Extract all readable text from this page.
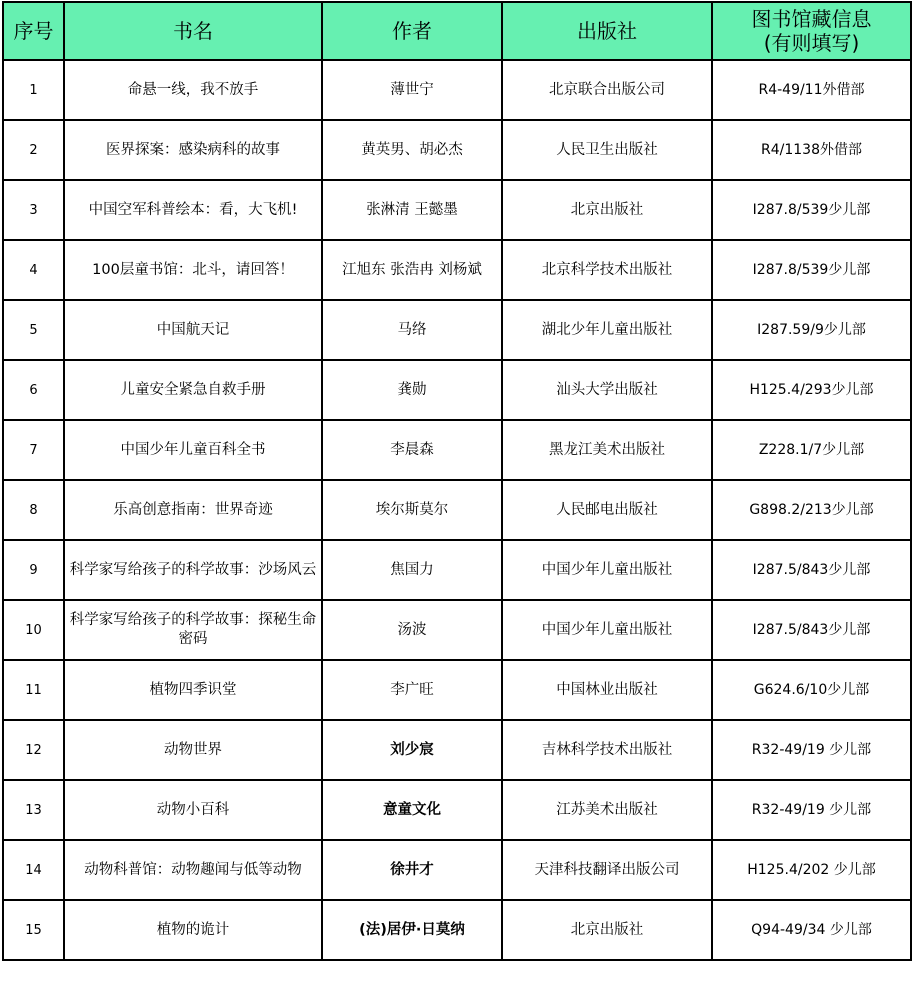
序号	书名	作者	出版社	图书馆藏信息
(有则填写)

1	命悬一线，我不放手	薄世宁	北京联合出版公司	R4-49/11外借部
2	医界探案：感染病科的故事	黄英男、胡必杰	人民卫生出版社	R4/1138外借部
3	中国空军科普绘本：看，大飞机!	张淋清 王懿墨	北京出版社	I287.8/539少儿部
4	100层童书馆：北斗，请回答！	江旭东 张浩冉 刘杨斌	北京科学技术出版社	I287.8/539少儿部
5	中国航天记	马络	湖北少年儿童出版社	I287.59/9少儿部
6	儿童安全紧急自救手册	龚勋	汕头大学出版社	H125.4/293少儿部
7	中国少年儿童百科全书	李晨森	黑龙江美术出版社	Z228.1/7少儿部
8	乐高创意指南：世界奇迹	埃尔斯莫尔	人民邮电出版社	G898.2/213少儿部
9	科学家写给孩子的科学故事：沙场风云	焦国力	中国少年儿童出版社	I287.5/843少儿部
10	科学家写给孩子的科学故事：探秘生命密码	汤波	中国少年儿童出版社	I287.5/843少儿部
11	植物四季识堂	李广旺	中国林业出版社	G624.6/10少儿部
12	动物世界	刘少宸	吉林科学技术出版社	R32-49/19 少儿部
13	动物小百科	意童文化	江苏美术出版社	R32-49/19 少儿部
14	动物科普馆：动物趣闻与低等动物	徐井才	天津科技翻译出版公司	H125.4/202 少儿部
15	植物的诡计	(法)居伊·日莫纳	北京出版社	Q94-49/34 少儿部
